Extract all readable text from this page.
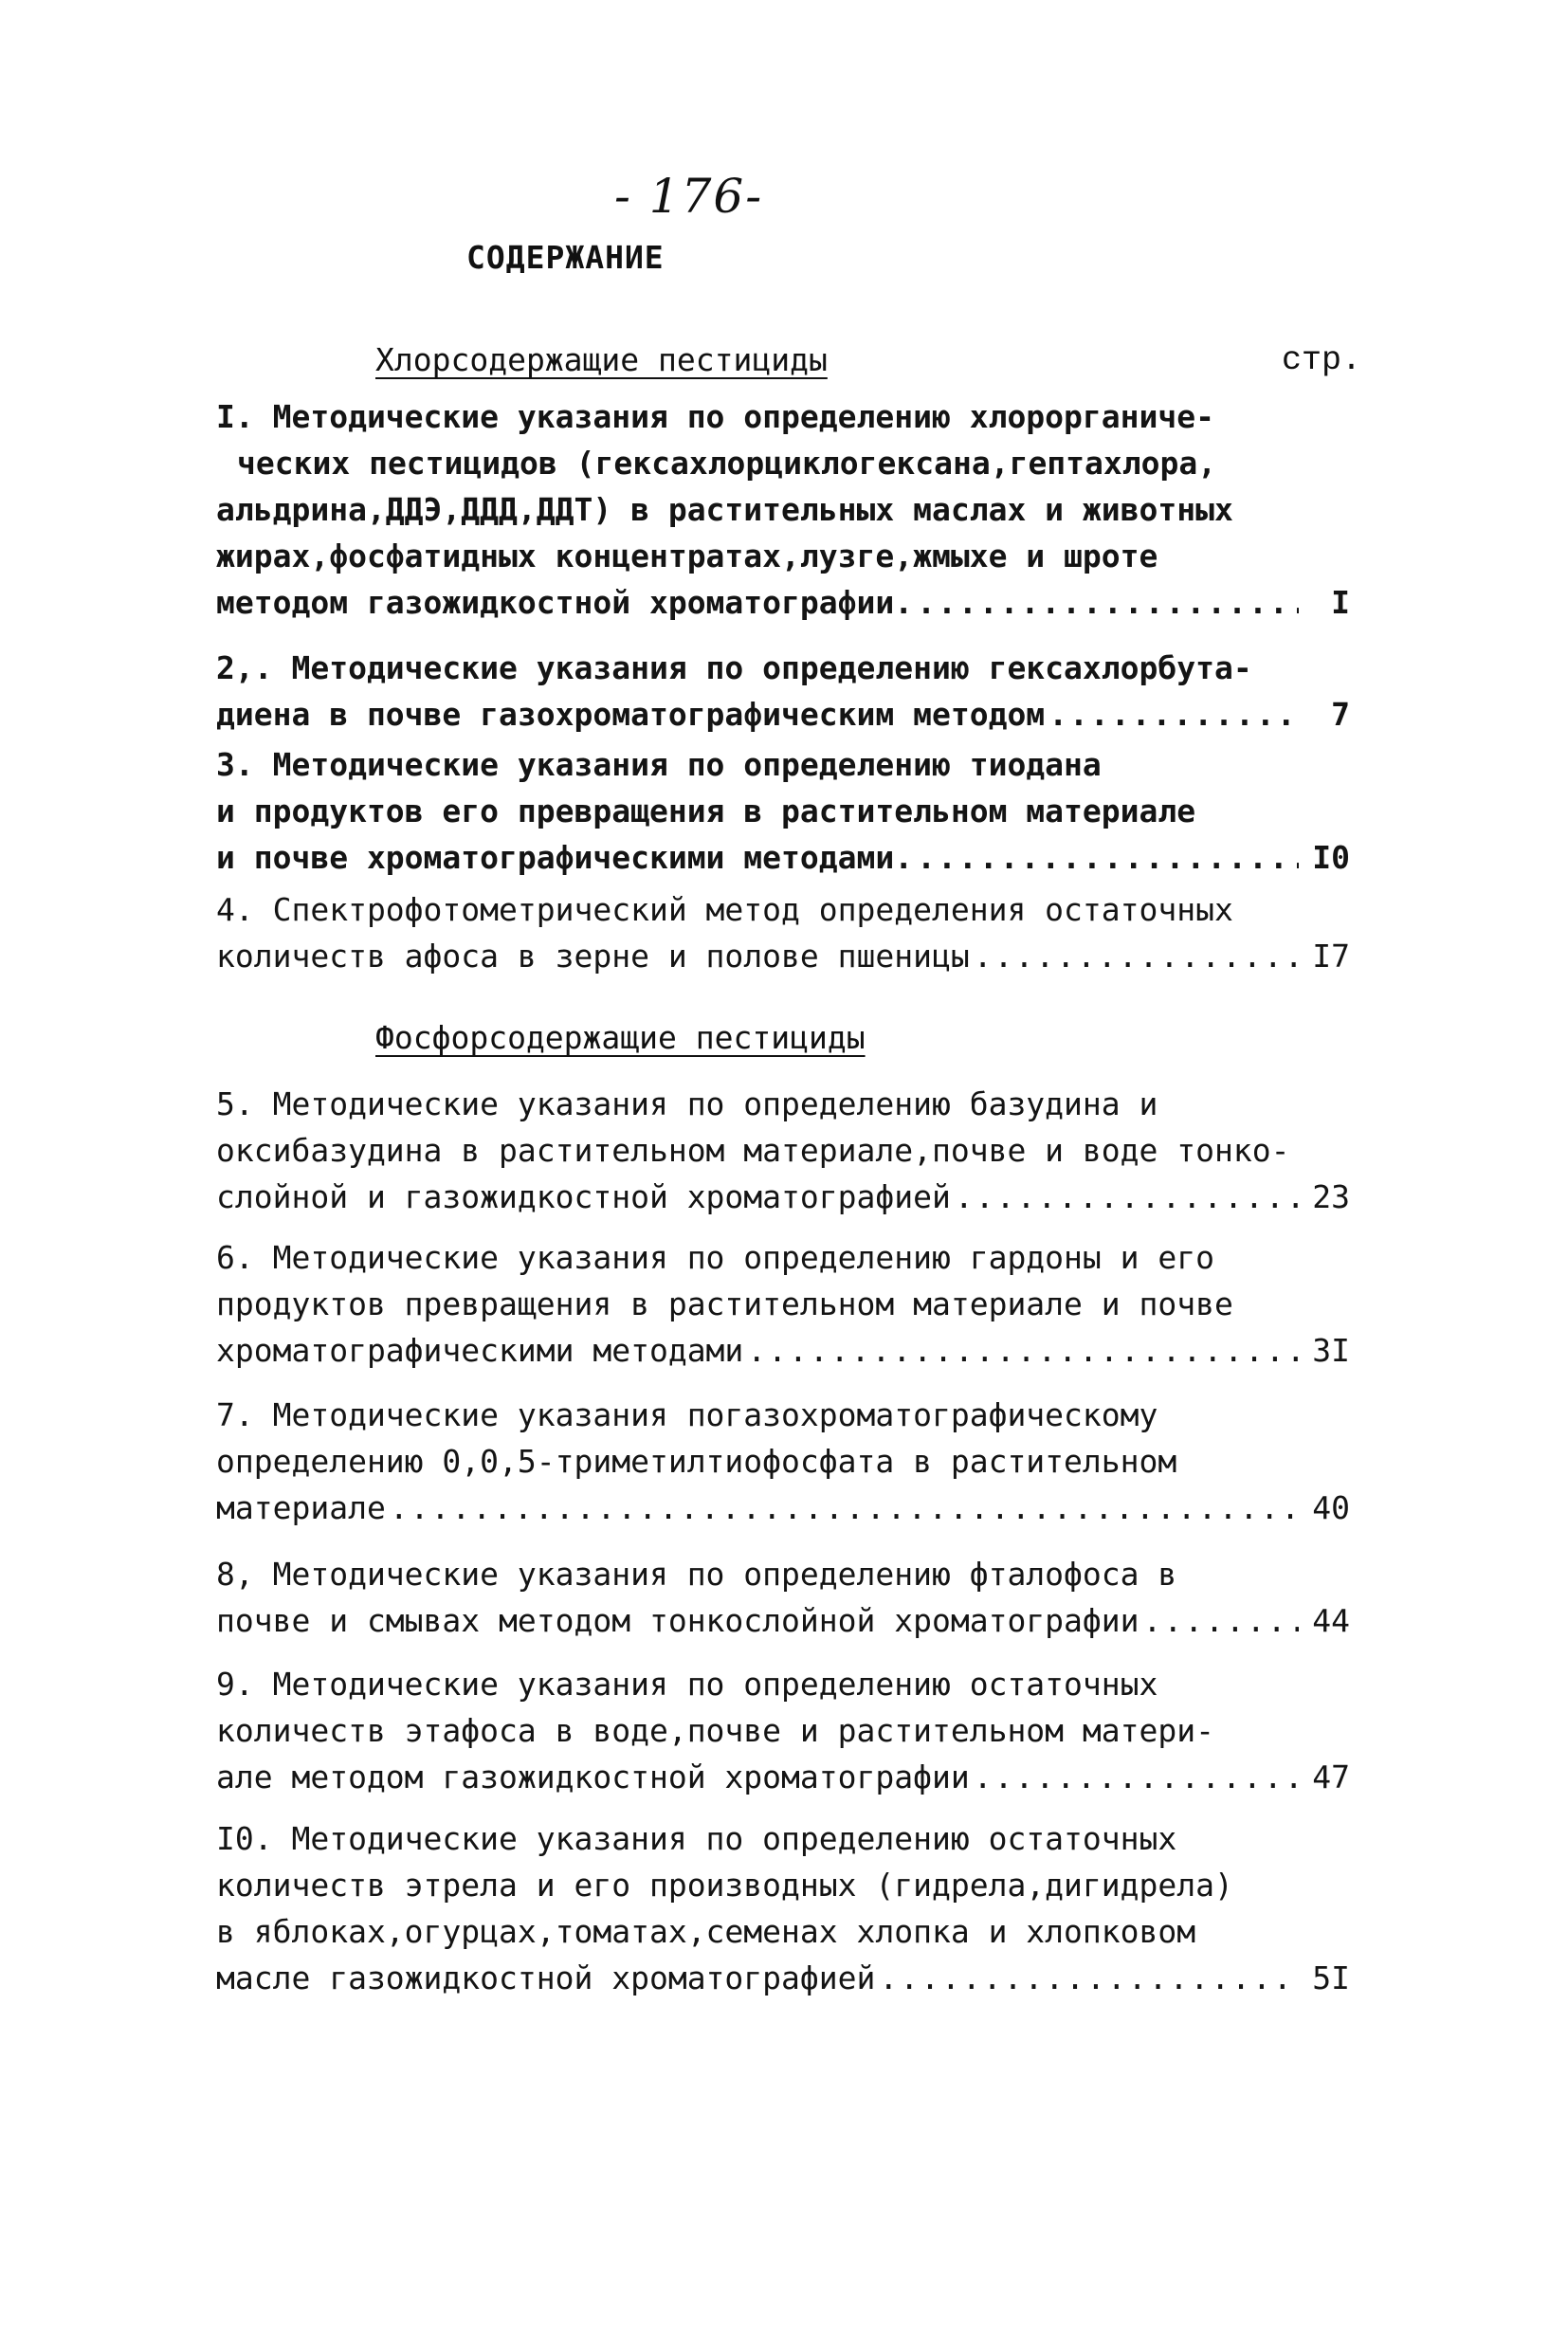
- 176-
СОДЕРЖАНИЕ
Хлорсодержащие пестициды	стр.
I. Методические указания по определению хлорорганиче-
ческих пестицидов (гексахлорциклогексана,гептахлора,
альдрина,ДДЭ,ДДД,ДДТ) в растительных маслах и животных
жирах,фосфатидных концентратах,лузге,жмыхе и шроте
методом газожидкостной хроматографии. .....	I
2,. Методические указания по определению гексахлорбута-
диена в почве газохроматографическим методом .....	7
3. Методические указания по определению тиодана
и продуктов его превращения в растительном материале
и почве хроматографическими методами. .....	I0
4. Спектрофотометрический метод определения остаточных
количеств афоса в зерне и полове пшеницы .....	I7
Фосфорсодержащие пестициды
5. Методические указания по определению базудина и
оксибазудина в растительном материале,почве и воде тонко-
слойной и газожидкостной хроматографией .....	23
6. Методические указания по определению гардоны и его
продуктов превращения в растительном материале и почве
хроматографическими методами .....	3I
7. Методические указания погазохроматографическому
определению 0,0,5-триметилтиофосфата в растительном
материале .....	40
8, Методические указания по определению фталофоса в
почве и смывах методом тонкослойной хроматографии .....	44
9. Методические указания по определению остаточных
количеств этафоса в воде,почве и растительном матери-
але методом газожидкостной хроматографии .....	47
I0. Методические указания по определению остаточных
количеств этрела и его производных (гидрела,дигидрела)
в яблоках,огурцах,томатах,семенах хлопка и хлопковом
масле газожидкостной хроматографией .....	5I
